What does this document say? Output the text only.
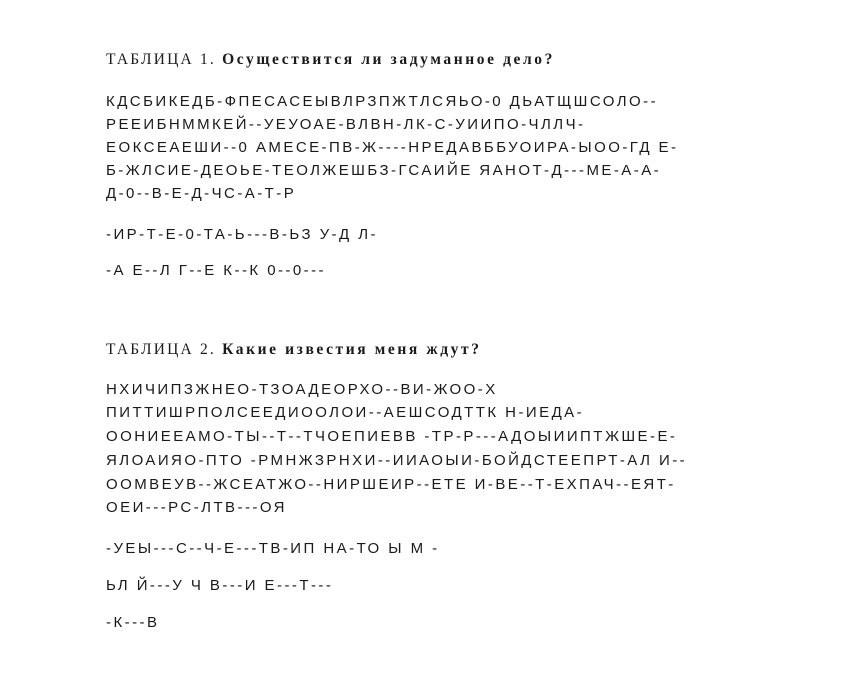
ТАБЛИЦА 1. Осуществится ли задуманное дело?
КДСБИКЕДБ-ФПЕСАСЕЫВЛРЗПЖТЛСЯЬО-0 ДЬАТЩШСОЛО--
РЕЕИБНММКЕЙ--УЕУОАЕ-ВЛВН-ЛК-С-УИИПО-ЧЛЛЧ-
ЕОКСЕАЕШИ--0 АМЕСЕ-ПВ-Ж----НРЕДАВББУОИРА-ЫОО-ГД Е-
Б-ЖЛСИЕ-ДЕОЬЕ-ТЕОЛЖЕШБЗ-ГСАИЙЕ ЯАНОТ-Д---МЕ-А-А-
Д-0--В-Е-Д-ЧС-А-Т-Р
-ИР-Т-Е-0-ТА-Ь---В-ЬЗ У-Д Л-
-А Е--Л Г--Е К--К 0--0---
ТАБЛИЦА 2. Какие известия меня ждут?
НХИЧИПЗЖНЕО-ТЗОАДЕОРХО--ВИ-ЖОО-Х
ПИТТИШРПОЛСЕЕДИООЛОИ--АЕШСОДТТК Н-ИЕДА-
ООНИЕЕАМО-ТЫ--Т--ТЧОЕПИЕВВ -ТР-Р---АДОЫИИПТЖШЕ-Е-
ЯЛОАИЯО-ПТО -РМНЖЗРНХИ--ИИАОЫИ-БОЙДСТЕЕПРТ-АЛ И--
ООМВЕУВ--ЖСЕАТЖО--НИРШЕИР--ЕТЕ И-ВЕ--Т-ЕХПАЧ--ЕЯТ-
ОЕИ---РС-ЛТВ---ОЯ
-УЕЫ---С--Ч-Е---ТВ-ИП НА-ТО Ы М -
ЬЛ Й---У Ч В---И Е---Т---
-К---В
